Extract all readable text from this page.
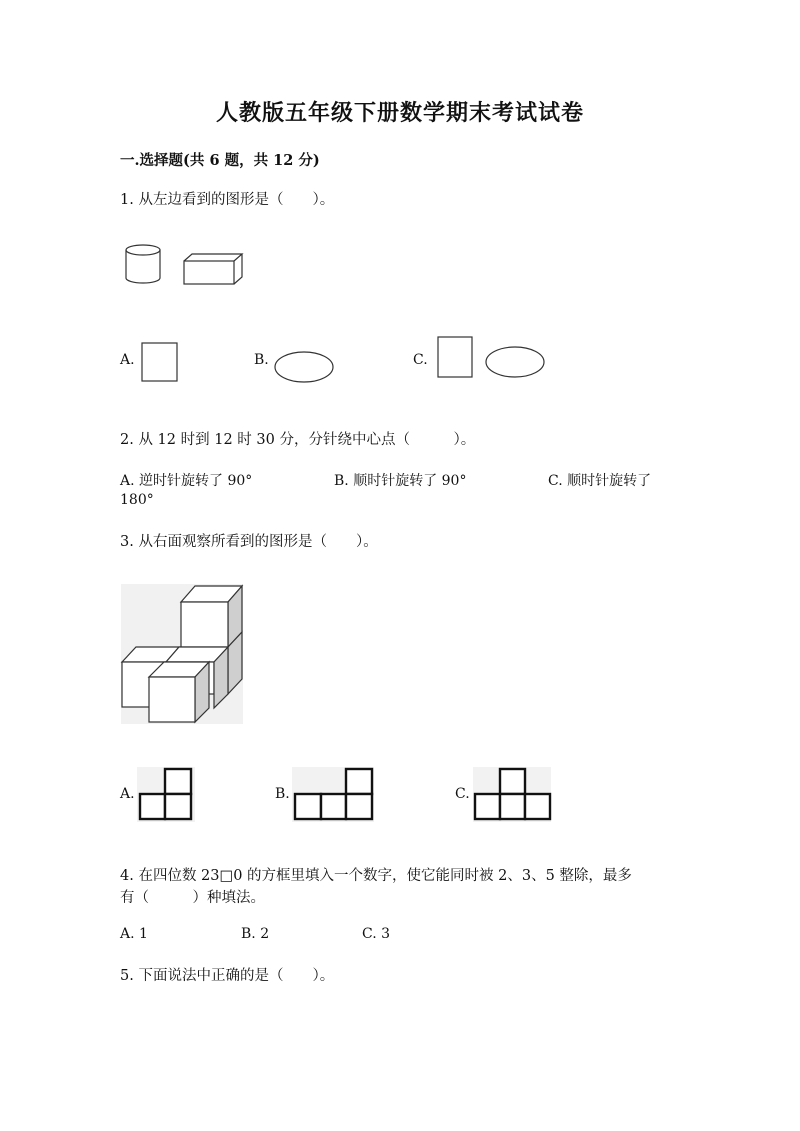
人教版五年级下册数学期末考试试卷
一.选择题(共 6 题，共 12 分)
1. 从左边看到的图形是（　　）。
A.	B.	C.
2. 从 12 时到 12 时 30 分，分针绕中心点（　　　）。
A. 逆时针旋转了 90°	B. 顺时针旋转了 90°	C. 顺时针旋转了
180°
3. 从右面观察所看到的图形是（　　）。
A.	B.	C.
4. 在四位数 23□0 的方框里填入一个数字，使它能同时被 2、3、5 整除，最多
有（　　　）种填法。
A. 1	B. 2	C. 3
5. 下面说法中正确的是（　　）。
